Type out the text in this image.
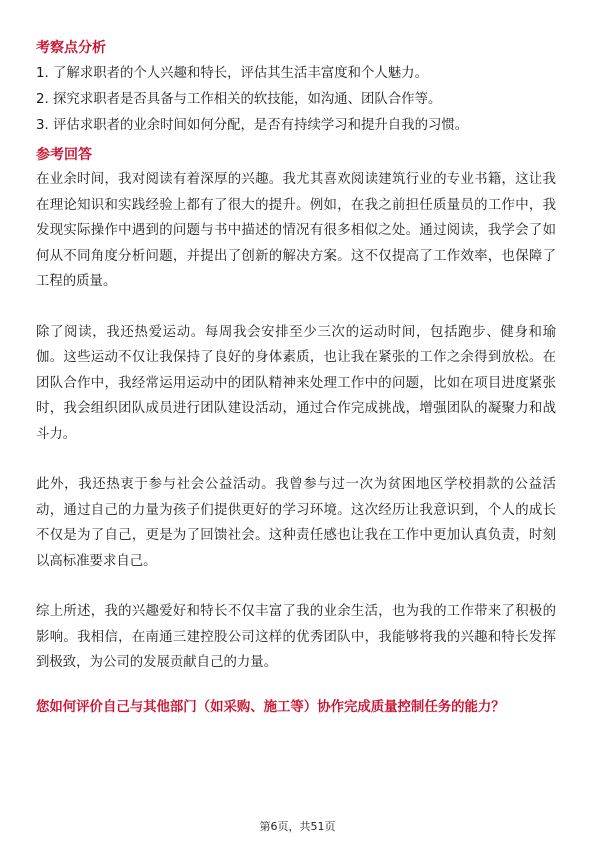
考察点分析
1. 了解求职者的个人兴趣和特长，评估其生活丰富度和个人魅力。
2. 探究求职者是否具备与工作相关的软技能，如沟通、团队合作等。
3. 评估求职者的业余时间如何分配，是否有持续学习和提升自我的习惯。
参考回答

在业余时间，我对阅读有着深厚的兴趣。我尤其喜欢阅读建筑行业的专业书籍，这让我在理论知识和实践经验上都有了很大的提升。例如，在我之前担任质量员的工作中，我发现实际操作中遇到的问题与书中描述的情况有很多相似之处。通过阅读，我学会了如何从不同角度分析问题，并提出了创新的解决方案。这不仅提高了工作效率，也保障了工程的质量。

除了阅读，我还热爱运动。每周我会安排至少三次的运动时间，包括跑步、健身和瑜伽。这些运动不仅让我保持了良好的身体素质，也让我在紧张的工作之余得到放松。在团队合作中，我经常运用运动中的团队精神来处理工作中的问题，比如在项目进度紧张时，我会组织团队成员进行团队建设活动，通过合作完成挑战，增强团队的凝聚力和战斗力。

此外，我还热衷于参与社会公益活动。我曾参与过一次为贫困地区学校捐款的公益活动，通过自己的力量为孩子们提供更好的学习环境。这次经历让我意识到，个人的成长不仅是为了自己，更是为了回馈社会。这种责任感也让我在工作中更加认真负责，时刻以高标准要求自己。

综上所述，我的兴趣爱好和特长不仅丰富了我的业余生活，也为我的工作带来了积极的影响。我相信，在南通三建控股公司这样的优秀团队中，我能够将我的兴趣和特长发挥到极致，为公司的发展贡献自己的力量。

您如何评价自己与其他部门（如采购、施工等）协作完成质量控制任务的能力？
第6页，共51页
